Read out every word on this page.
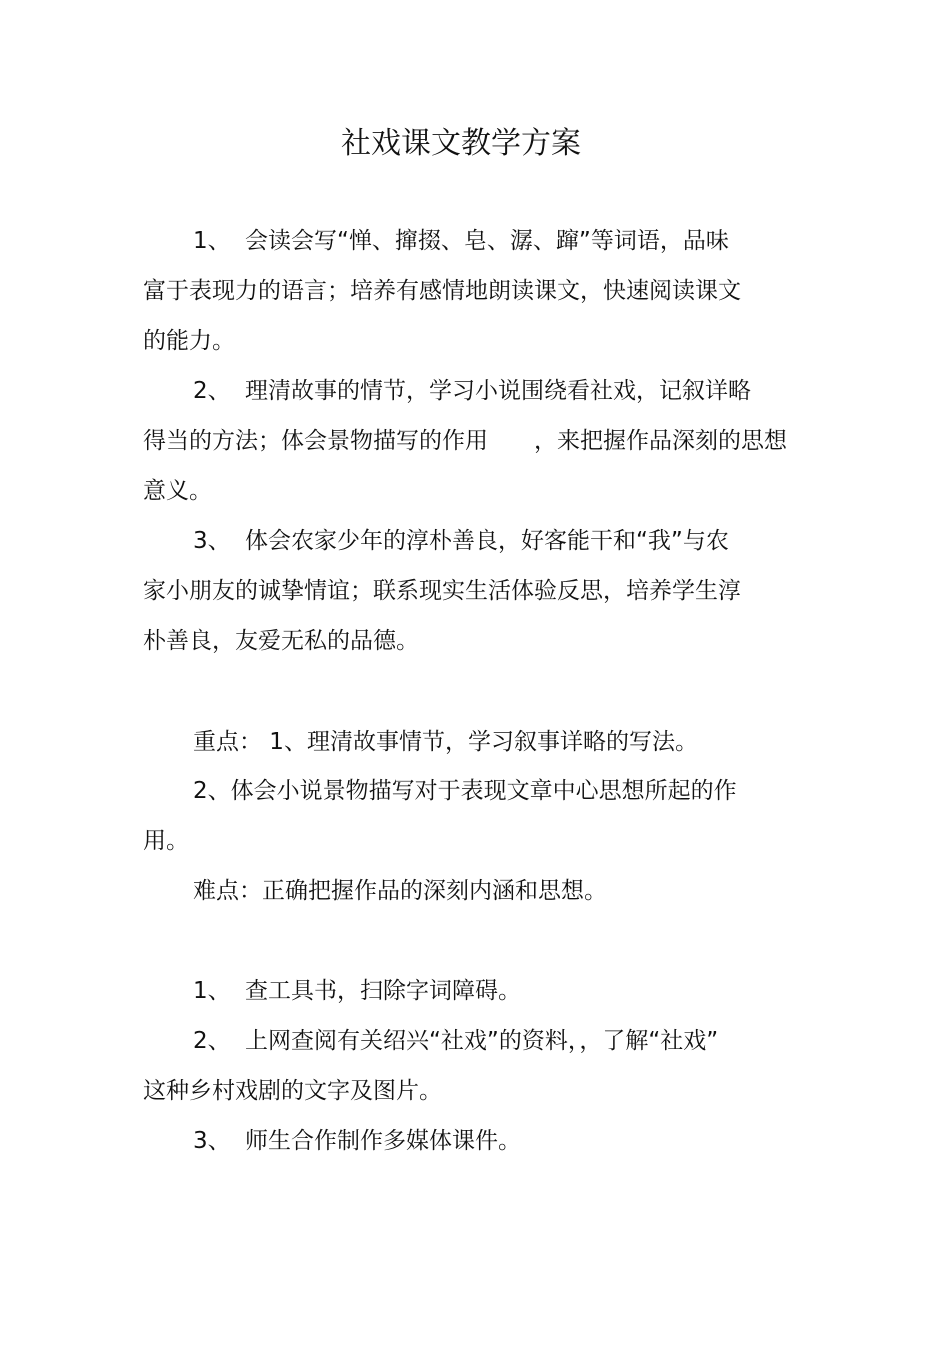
社戏课文教学方案
1、 会读会写“惮、撺掇、皂、潺、蹿”等词语，品味
富于表现力的语言；培养有感情地朗读课文，快速阅读课文
的能力。
2、 理清故事的情节，学习小说围绕看社戏，记叙详略
得当的方法；体会景物描写的作用　　，来把握作品深刻的思想
意义。
3、 体会农家少年的淳朴善良，好客能干和“我”与农
家小朋友的诚挚情谊；联系现实生活体验反思，培养学生淳
朴善良，友爱无私的品德。
重点： 1、理清故事情节，学习叙事详略的写法。
2、体会小说景物描写对于表现文章中心思想所起的作
用。
难点：正确把握作品的深刻内涵和思想。
1、 查工具书，扫除字词障碍。
2、 上网查阅有关绍兴“社戏”的资料，，了解“社戏”
这种乡村戏剧的文字及图片。
3、 师生合作制作多媒体课件。
